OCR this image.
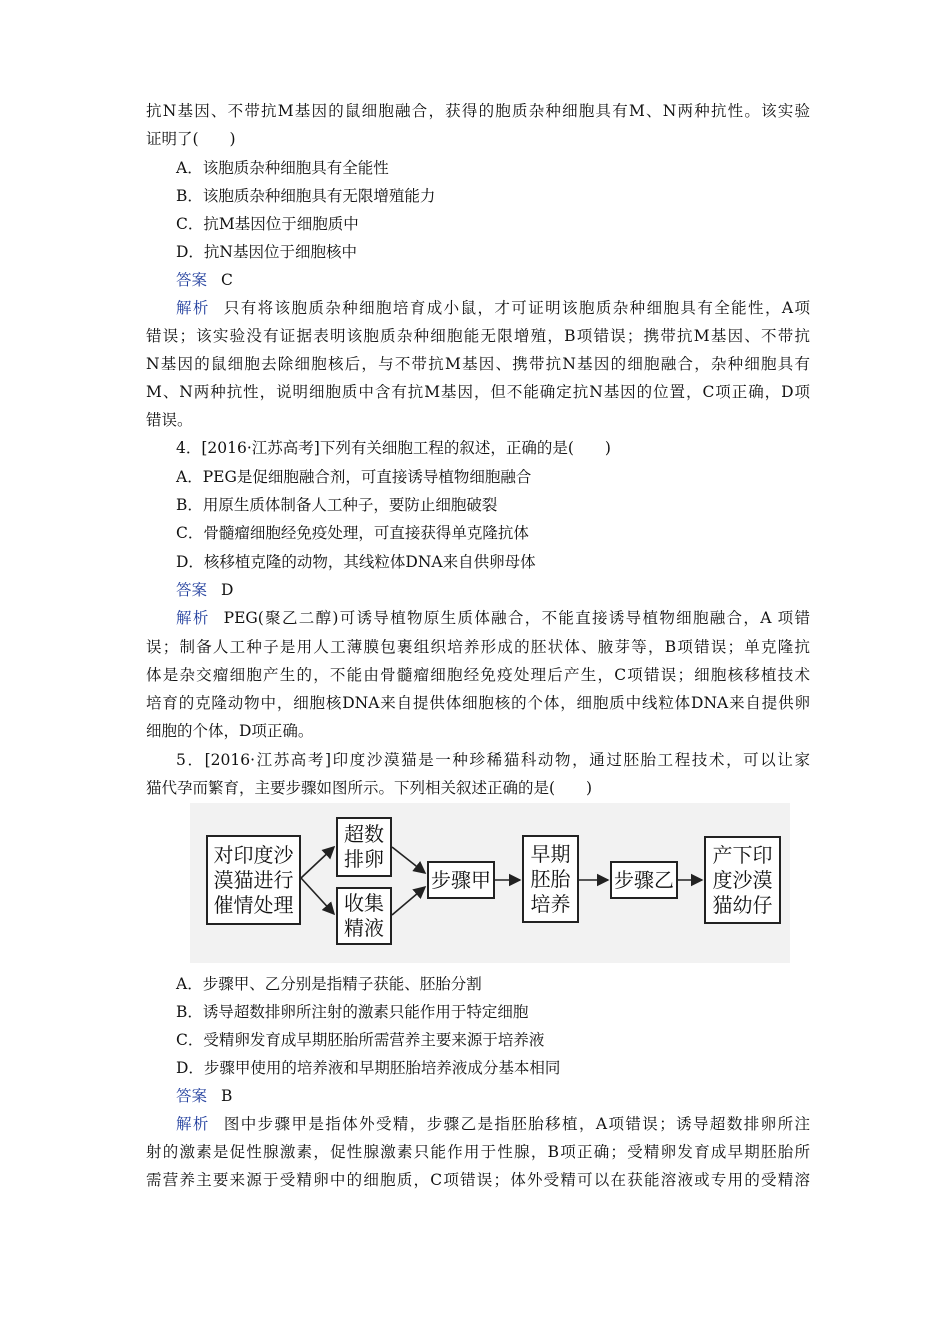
抗N基因、不带抗M基因的鼠细胞融合，获得的胞质杂种细胞具有M、N两种抗性。该实验
证明了(　　)
A．该胞质杂种细胞具有全能性
B．该胞质杂种细胞具有无限增殖能力
C．抗M基因位于细胞质中
D．抗N基因位于细胞核中
答案 C
解析 只有将该胞质杂种细胞培育成小鼠，才可证明该胞质杂种细胞具有全能性，A项
错误；该实验没有证据表明该胞质杂种细胞能无限增殖，B项错误；携带抗M基因、不带抗
N基因的鼠细胞去除细胞核后，与不带抗M基因、携带抗N基因的细胞融合，杂种细胞具有
M、N两种抗性，说明细胞质中含有抗M基因，但不能确定抗N基因的位置，C项正确，D项
错误。
4．[2016·江苏高考]下列有关细胞工程的叙述，正确的是(　　)
A．PEG是促细胞融合剂，可直接诱导植物细胞融合
B．用原生质体制备人工种子，要防止细胞破裂
C．骨髓瘤细胞经免疫处理，可直接获得单克隆抗体
D．核移植克隆的动物，其线粒体DNA来自供卵母体
答案 D
解析 PEG(聚乙二醇)可诱导植物原生质体融合，不能直接诱导植物细胞融合，A 项错
误；制备人工种子是用人工薄膜包裹组织培养形成的胚状体、腋芽等，B项错误；单克隆抗
体是杂交瘤细胞产生的，不能由骨髓瘤细胞经免疫处理后产生，C项错误；细胞核移植技术
培育的克隆动物中，细胞核DNA来自提供体细胞核的个体，细胞质中线粒体DNA来自提供卵
细胞的个体，D项正确。
5．[2016·江苏高考]印度沙漠猫是一种珍稀猫科动物，通过胚胎工程技术，可以让家
猫代孕而繁育，主要步骤如图所示。下列相关叙述正确的是(　　)
对印度沙
漠猫进行
催情处理
超数
排卵
收集
精液
步骤甲
早期
胚胎
培养
步骤乙
产下印
度沙漠
猫幼仔
A．步骤甲、乙分别是指精子获能、胚胎分割
B．诱导超数排卵所注射的激素只能作用于特定细胞
C．受精卵发育成早期胚胎所需营养主要来源于培养液
D．步骤甲使用的培养液和早期胚胎培养液成分基本相同
答案 B
解析 图中步骤甲是指体外受精，步骤乙是指胚胎移植，A项错误；诱导超数排卵所注
射的激素是促性腺激素，促性腺激素只能作用于性腺，B项正确；受精卵发育成早期胚胎所
需营养主要来源于受精卵中的细胞质，C项错误；体外受精可以在获能溶液或专用的受精溶
